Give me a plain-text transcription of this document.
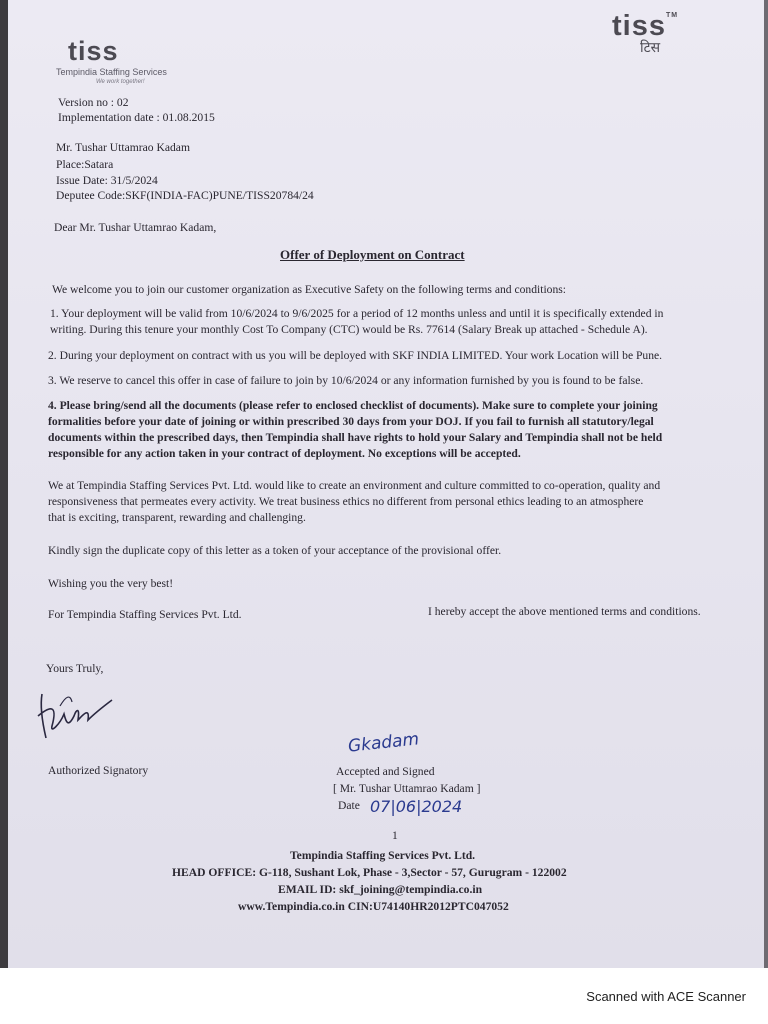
tiss
Tempindia Staffing Services
We work together!
tiss™
टिस
Version no : 02
Implementation date : 01.08.2015
Mr. Tushar Uttamrao Kadam
Place:Satara
Issue Date: 31/5/2024
Deputee Code:SKF(INDIA-FAC)PUNE/TISS20784/24
Dear Mr. Tushar Uttamrao Kadam,
Offer of Deployment on Contract
We welcome you to join our customer organization as Executive Safety on the following terms and conditions:
1. Your deployment will be valid from 10/6/2024 to 9/6/2025 for a period of 12 months unless and until it is specifically extended in
writing. During this tenure your monthly Cost To Company (CTC) would be Rs. 77614 (Salary Break up attached - Schedule A).
2. During your deployment on contract with us you will be deployed with SKF INDIA LIMITED. Your work Location will be Pune.
3. We reserve to cancel this offer in case of failure to join by 10/6/2024 or any information furnished by you is found to be false.
4. Please bring/send all the documents (please refer to enclosed checklist of documents). Make sure to complete your joining
formalities before your date of joining or within prescribed 30 days from your DOJ. If you fail to furnish all statutory/legal
documents within the prescribed days, then Tempindia shall have rights to hold your Salary and Tempindia shall not be held
responsible for any action taken in your contract of deployment. No exceptions will be accepted.
We at Tempindia Staffing Services Pvt. Ltd. would like to create an environment and culture committed to co-operation, quality and
responsiveness that permeates every activity. We treat business ethics no different from personal ethics leading to an atmosphere
that is exciting, transparent, rewarding and challenging.
Kindly sign the duplicate copy of this letter as a token of your acceptance of the provisional offer.
Wishing you the very best!
For Tempindia Staffing Services Pvt. Ltd.	I hereby accept the above mentioned terms and conditions.
Yours Truly,
Authorized Signatory
Gkadam
Accepted and Signed
[ Mr. Tushar Uttamrao Kadam ]
Date 07|06|2024
1
Tempindia Staffing Services Pvt. Ltd.
HEAD OFFICE: G-118, Sushant Lok, Phase - 3,Sector - 57, Gurugram - 122002
EMAIL ID: skf_joining@tempindia.co.in
www.Tempindia.co.in CIN:U74140HR2012PTC047052
Scanned with ACE Scanner
